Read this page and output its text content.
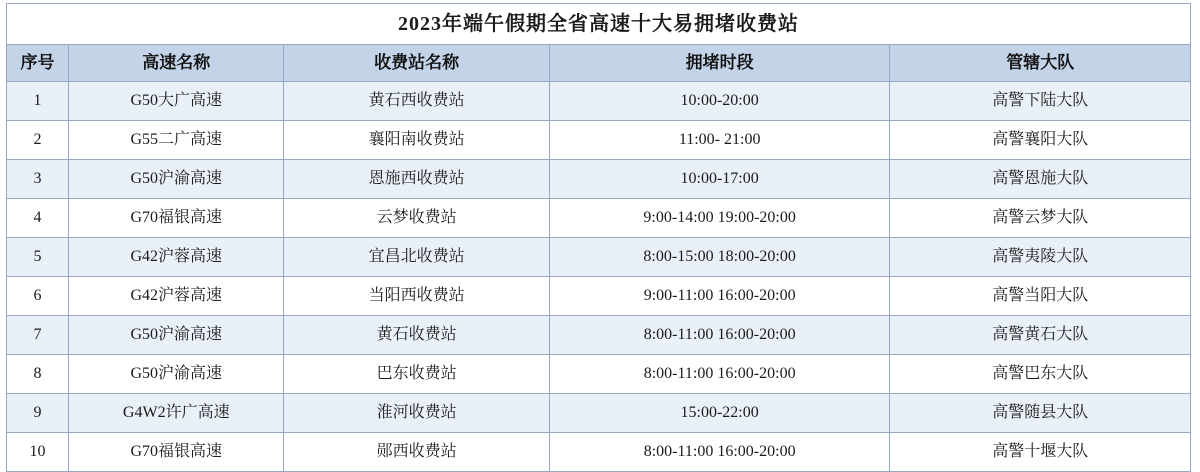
2023年端午假期全省高速十大易拥堵收费站				
序号	高速名称	收费站名称	拥堵时段	管辖大队
1	G50大广高速	黄石西收费站	10:00-20:00	高警下陆大队
2	G55二广高速	襄阳南收费站	11:00- 21:00	高警襄阳大队
3	G50沪渝高速	恩施西收费站	10:00-17:00	高警恩施大队
4	G70福银高速	云梦收费站	9:00-14:00 19:00-20:00	高警云梦大队
5	G42沪蓉高速	宜昌北收费站	8:00-15:00 18:00-20:00	高警夷陵大队
6	G42沪蓉高速	当阳西收费站	9:00-11:00 16:00-20:00	高警当阳大队
7	G50沪渝高速	黄石收费站	8:00-11:00 16:00-20:00	高警黄石大队
8	G50沪渝高速	巴东收费站	8:00-11:00 16:00-20:00	高警巴东大队
9	G4W2许广高速	淮河收费站	15:00-22:00	高警随县大队
10	G70福银高速	郧西收费站	8:00-11:00 16:00-20:00	高警十堰大队
